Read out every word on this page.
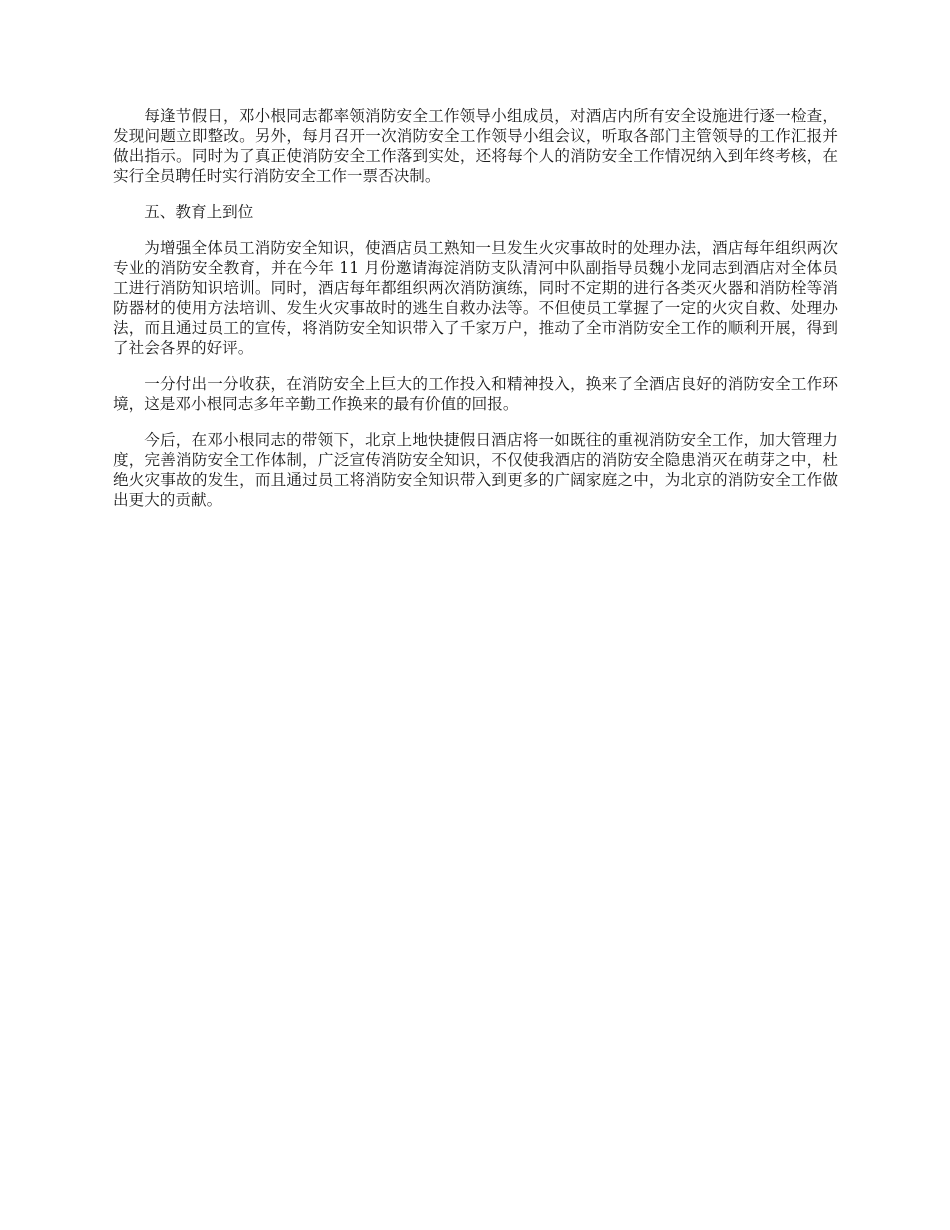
每逢节假日，邓小根同志都率领消防安全工作领导小组成员，对酒店内所有安全设施进行逐一检查，发现问题立即整改。另外，每月召开一次消防安全工作领导小组会议，听取各部门主管领导的工作汇报并做出指示。同时为了真正使消防安全工作落到实处，还将每个人的消防安全工作情况纳入到年终考核，在实行全员聘任时实行消防安全工作一票否决制。

五、教育上到位

为增强全体员工消防安全知识，使酒店员工熟知一旦发生火灾事故时的处理办法，酒店每年组织两次专业的消防安全教育，并在今年 11 月份邀请海淀消防支队清河中队副指导员魏小龙同志到酒店对全体员工进行消防知识培训。同时，酒店每年都组织两次消防演练，同时不定期的进行各类灭火器和消防栓等消防器材的使用方法培训、发生火灾事故时的逃生自救办法等。不但使员工掌握了一定的火灾自救、处理办法，而且通过员工的宣传，将消防安全知识带入了千家万户，推动了全市消防安全工作的顺利开展，得到了社会各界的好评。

一分付出一分收获，在消防安全上巨大的工作投入和精神投入，换来了全酒店良好的消防安全工作环境，这是邓小根同志多年辛勤工作换来的最有价值的回报。

今后，在邓小根同志的带领下，北京上地快捷假日酒店将一如既往的重视消防安全工作，加大管理力度，完善消防安全工作体制，广泛宣传消防安全知识，不仅使我酒店的消防安全隐患消灭在萌芽之中，杜绝火灾事故的发生，而且通过员工将消防安全知识带入到更多的广阔家庭之中，为北京的消防安全工作做出更大的贡献。
